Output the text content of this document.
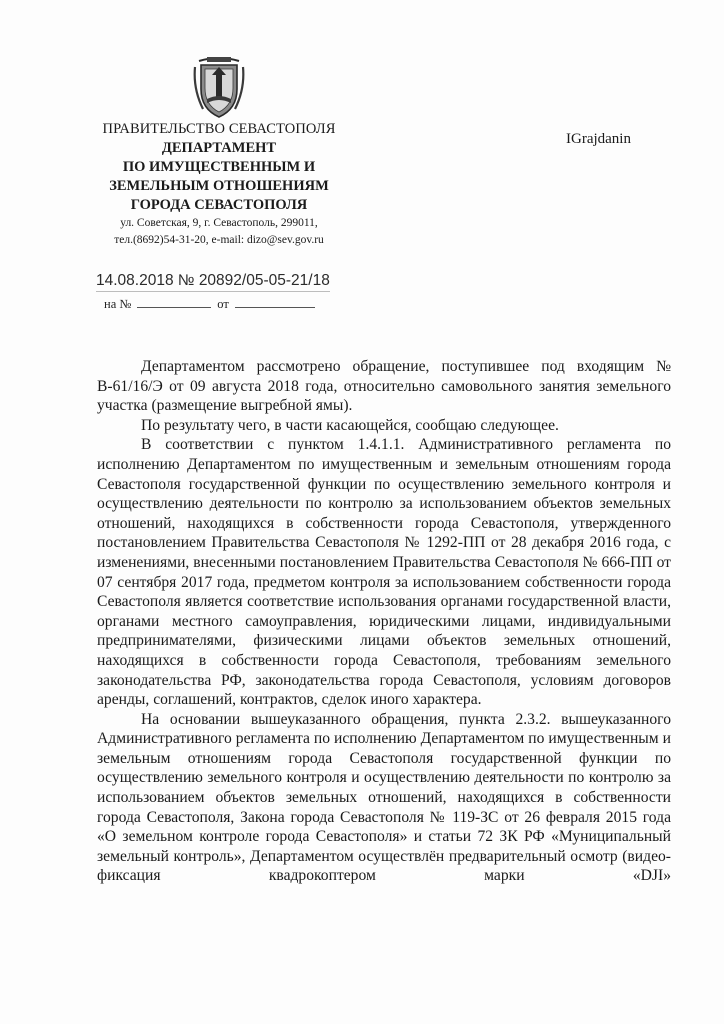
ПРАВИТЕЛЬСТВО СЕВАСТОПОЛЯ
ДЕПАРТАМЕНТ
ПО ИМУЩЕСТВЕННЫМ И
ЗЕМЕЛЬНЫМ ОТНОШЕНИЯМ
ГОРОДА СЕВАСТОПОЛЯ
ул. Советская, 9, г. Севастополь, 299011,
тел.(8692)54-31-20, e-mail: dizo@sev.gov.ru
IGrajdanin
14.08.2018 № 20892/05-05-21/18
на №	от

Департаментом рассмотрено обращение, поступившее под входящим № В-61/16/Э от 09 августа 2018 года, относительно самовольного занятия земельного участка (размещение выгребной ямы).

По результату чего, в части касающейся, сообщаю следующее.

В соответствии с пунктом 1.4.1.1. Административного регламента по исполнению Департаментом по имущественным и земельным отношениям города Севастополя государственной функции по осуществлению земельного контроля и осуществлению деятельности по контролю за использованием объектов земельных отношений, находящихся в собственности города Севастополя, утвержденного постановлением Правительства Севастополя № 1292-ПП от 28 декабря 2016 года, с изменениями, внесенными постановлением Правительства Севастополя № 666-ПП от 07 сентября 2017 года, предметом контроля за использованием собственности города Севастополя является соответствие использования органами государственной власти, органами местного самоуправления, юридическими лицами, индивидуальными предпринимателями, физическими лицами объектов земельных отношений, находящихся в собственности города Севастополя, требованиям земельного законодательства РФ, законодательства города Севастополя, условиям договоров аренды, соглашений, контрактов, сделок иного характера.

На основании вышеуказанного обращения, пункта 2.3.2. вышеуказанного Административного регламента по исполнению Департаментом по имущественным и земельным отношениям города Севастополя государственной функции по осуществлению земельного контроля и осуществлению деятельности по контролю за использованием объектов земельных отношений, находящихся в собственности города Севастополя, Закона города Севастополя № 119-ЗС от 26 февраля 2015 года «О земельном контроле города Севастополя» и статьи 72 ЗК РФ «Муниципальный земельный контроль», Департаментом осуществлён предварительный осмотр (видео-фиксация квадрокоптером марки «DJI»
